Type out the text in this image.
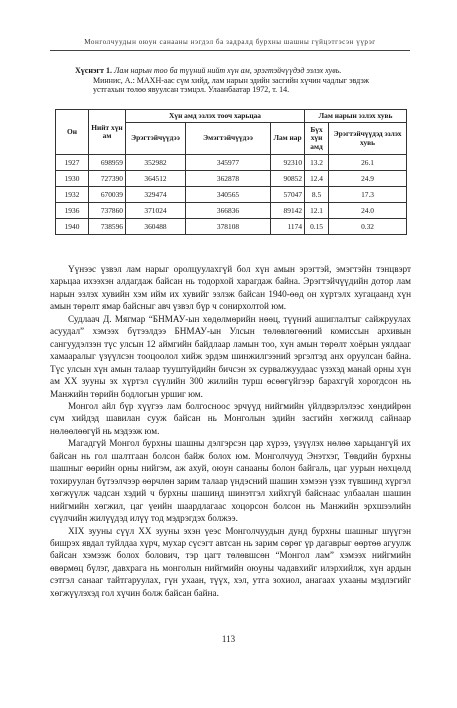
Монголчуудын оюун санааны нэгдэл ба задралд бурхны шашны гүйцэтгэсэн үүрэг
Хүснэгт 1. Лам нарын тоо ба түүний нийт хүн ам, эрэгтэйчүүдэд эзлэх хувь.
Миннис, А.: МАХН-аас сүм хийд, лам нарын эдийн засгийн хүчин чадлыг эвдэж
устгахын төлөө явуулсан тэмцэл. Улаанбаатар 1972, т. 14.
Он	Нийт хүн ам	Хүн амд эзлэх тооч харьцаа			Лам нарын эзлэх хувь	
		Эрэгтэйчүүдээ	Эмэгтэйчүүдээ	Лам нар	Бүх хүн амд	Эрэгтэйчүүдэд эзлэх хувь
1927	698959	352982	345977	92310	13.2	26.1
1930	727390	364512	362878	90852	12.4	24.9
1932	670039	329474	340565	57047	8.5	17.3
1936	737860	371024	366836	89142	12.1	24.0
1940	738596	360488	378108	1174	0.15	0.32

Үүнээс үзвэл лам нарыг оролцуулахгүй бол хүн амын эрэгтэй, эмэгтэйн тэнцвэрт харьцаа ихээхэн алдагдаж байсан нь тодорхой харагдаж байна. Эрэгтэйчүүдийн дотор лам нарын эзлэх хувийн хэм ийм их хувийг эзлэж байсан 1940-өөд он хүртэлх хугацаанд хүн амын төрөлт ямар байсныг авч үзвэл бүр ч сонирхолтой юм.

Судлаач Д. Мягмар “БНМАУ-ын хөдөлмөрийн нөөц, түүний ашиглалтыг сайжруулах асуудал” хэмээх бүтээлдээ БНМАУ-ын Улсын төлөвлөгөөний комиссын архивын сангуудэлзэн түс улсын 12 аймгийн байдлаар ламын тоо, хүн амын төрөлт хоёрын уялдааг хамааралыг үзүүлсэн тооцоолол хийж эрдэм шинжилгээний эргэлтэд анх оруулсан байна. Түс улсын хүн амын талаар тууштуйдийн бичсэн эх сурвалжуудаас үзэхэд манай орны хүн ам XX зууны эх хүртэл сүүлийн 300 жилийн турш өсөөгүйгээр барахгүй хорогдсон нь Манжийн төрийн бодлогын уршиг юм.

Монгол айл бүр хүүгээ лам болгосноос эрчүүд нийгмийн үйлдвэрлэлээс хөндийрөн сүм хийдэд шавилан сууж байсан нь Монголын эдийн засгийн хөгжилд сайнаар нөлөөлөөгүй нь мэдээж юм.

Магадгүй Монгол бурхны шашны дэлгэрсэн цар хүрээ, үзүүлэх нөлөө харьцангүй их байсан нь гол шалтгаан болсон байж болох юм. Монголчууд Энэтхэг, Төвдийн бурхны шашныг өөрийн орны нийгэм, аж ахуй, оюун санааны болон байгаль, цаг уурын нөхцөлд тохируулан бүтээлчээр өөрчлөн зарим талаар үндэсний шашин хэмээн үзэх түвшинд хүргэл хөгжүүлж чадсан хэдий ч бурхны шашинд шинэтгэл хийхгүй байснаас улбаалан шашин нийгмийн хөгжил, цаг үеийн шаардлагаас хоцорсон болсон нь Манжийн эрхшээлийн сүүлчийн жилүүдэд илүү тод мэдрэгдэх болжээ.

XIX зууны сүүл XX зууны эхэн үеэс Монголчуудын дунд бурхны шашныг шүүгэн бишрэх явдал туйлдаа хүрч, мухар сүсэгт автсан нь зарим сөрөг үр дагаврыг өөртөө агуулж байсан хэмээж болох болович, тэр цагт төлөвшсөн “Монгол лам” хэмээх нийгмийн өвөрмөц бүлэг, давхрага нь монголын нийгмийн оюуны чадавхийг илэрхийлж, хүн ардын сэтгэл санааг тайтгаруулах, гүн ухаан, түүх, хэл, утга зохиол, анагаах ухааны мэдлэгийг хөгжүүлэхэд гол хүчин болж байсан байна.

113
